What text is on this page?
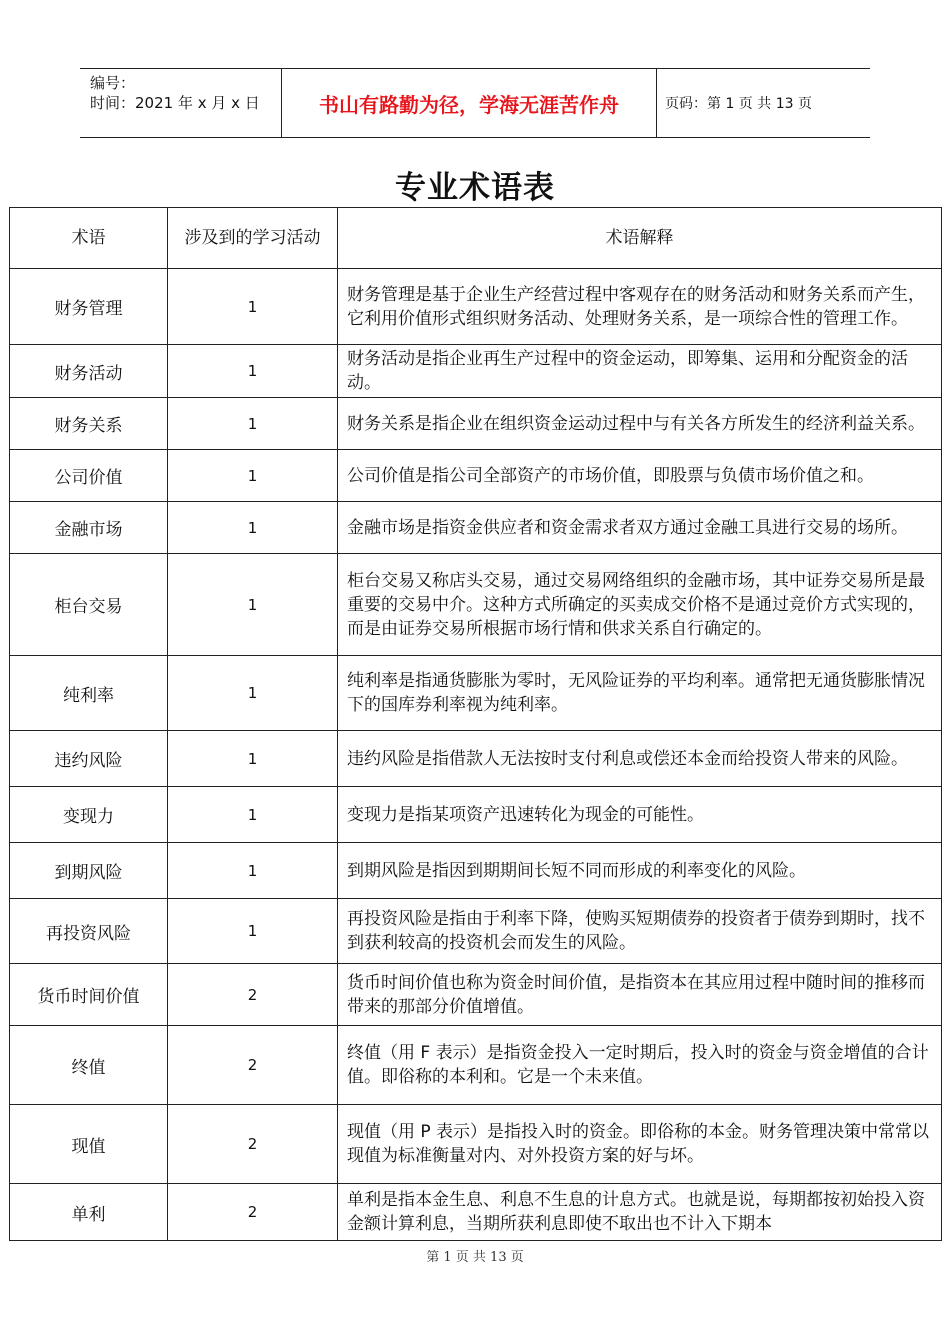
编号：
时间：2021 年 x 月 x 日	书山有路勤为径，学海无涯苦作舟	页码：第 1 页 共 13 页
专业术语表
术语	涉及到的学习活动	术语解释
财务管理	1	财务管理是基于企业生产经营过程中客观存在的财务活动和财务关系而产生，它利用价值形式组织财务活动、处理财务关系，是一项综合性的管理工作。
财务活动	1	财务活动是指企业再生产过程中的资金运动，即筹集、运用和分配资金的活动。
财务关系	1	财务关系是指企业在组织资金运动过程中与有关各方所发生的经济利益关系。
公司价值	1	公司价值是指公司全部资产的市场价值，即股票与负债市场价值之和。
金融市场	1	金融市场是指资金供应者和资金需求者双方通过金融工具进行交易的场所。
柜台交易	1	柜台交易又称店头交易，通过交易网络组织的金融市场，其中证券交易所是最重要的交易中介。这种方式所确定的买卖成交价格不是通过竞价方式实现的，而是由证券交易所根据市场行情和供求关系自行确定的。
纯利率	1	纯利率是指通货膨胀为零时，无风险证券的平均利率。通常把无通货膨胀情况下的国库券利率视为纯利率。
违约风险	1	违约风险是指借款人无法按时支付利息或偿还本金而给投资人带来的风险。
变现力	1	变现力是指某项资产迅速转化为现金的可能性。
到期风险	1	到期风险是指因到期期间长短不同而形成的利率变化的风险。
再投资风险	1	再投资风险是指由于利率下降，使购买短期债券的投资者于债券到期时，找不到获利较高的投资机会而发生的风险。
货币时间价值	2	货币时间价值也称为资金时间价值，是指资本在其应用过程中随时间的推移而带来的那部分价值增值。
终值	2	终值（用 F 表示）是指资金投入一定时期后，投入时的资金与资金增值的合计值。即俗称的本利和。它是一个未来值。
现值	2	现值（用 P 表示）是指投入时的资金。即俗称的本金。财务管理决策中常常以现值为标准衡量对内、对外投资方案的好与坏。
单利	2	单利是指本金生息、利息不生息的计息方式。也就是说，每期都按初始投入资金额计算利息，当期所获利息即使不取出也不计入下期本
第 1 页 共 13 页
